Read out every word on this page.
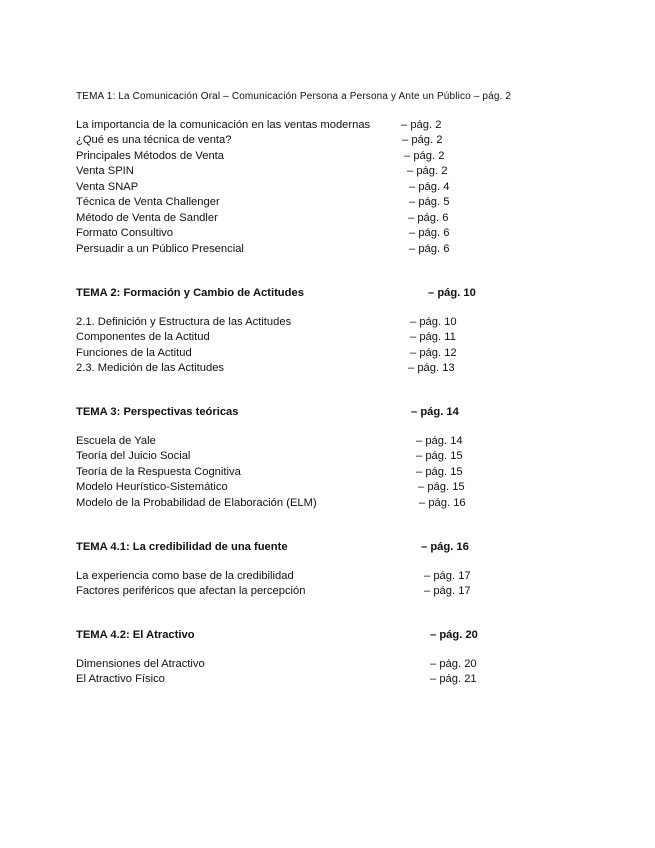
TEMA 1: La Comunicación Oral – Comunicación Persona a Persona y Ante un Público – pág. 2
La importancia de la comunicación en las ventas modernas	– pág. 2
¿Qué es una técnica de venta?	– pág. 2
Principales Métodos de Venta	– pág. 2
Venta SPIN	– pág. 2
Venta SNAP	– pág. 4
Técnica de Venta Challenger	– pág. 5
Método de Venta de Sandler	– pág. 6
Formato Consultivo	– pág. 6
Persuadir a un Público Presencial	– pág. 6
TEMA 2: Formación y Cambio de Actitudes	– pág. 10
2.1. Definición y Estructura de las Actitudes	– pág. 10
Componentes de la Actitud	– pág. 11
Funciones de la Actitud	– pág. 12
2.3. Medición de las Actitudes	– pág. 13
TEMA 3: Perspectivas teóricas	– pág. 14
Escuela de Yale	– pág. 14
Teoría del Juicio Social	– pág. 15
Teoría de la Respuesta Cognitiva	– pág. 15
Modelo Heurístico-Sistemático	– pág. 15
Modelo de la Probabilidad de Elaboración (ELM)	– pág. 16
TEMA 4.1: La credibilidad de una fuente	– pág. 16
La experiencia como base de la credibilidad	– pág. 17
Factores periféricos que afectan la percepción	– pág. 17
TEMA 4.2: El Atractivo	– pág. 20
Dimensiones del Atractivo	– pág. 20
El Atractivo Físico	– pág. 21
